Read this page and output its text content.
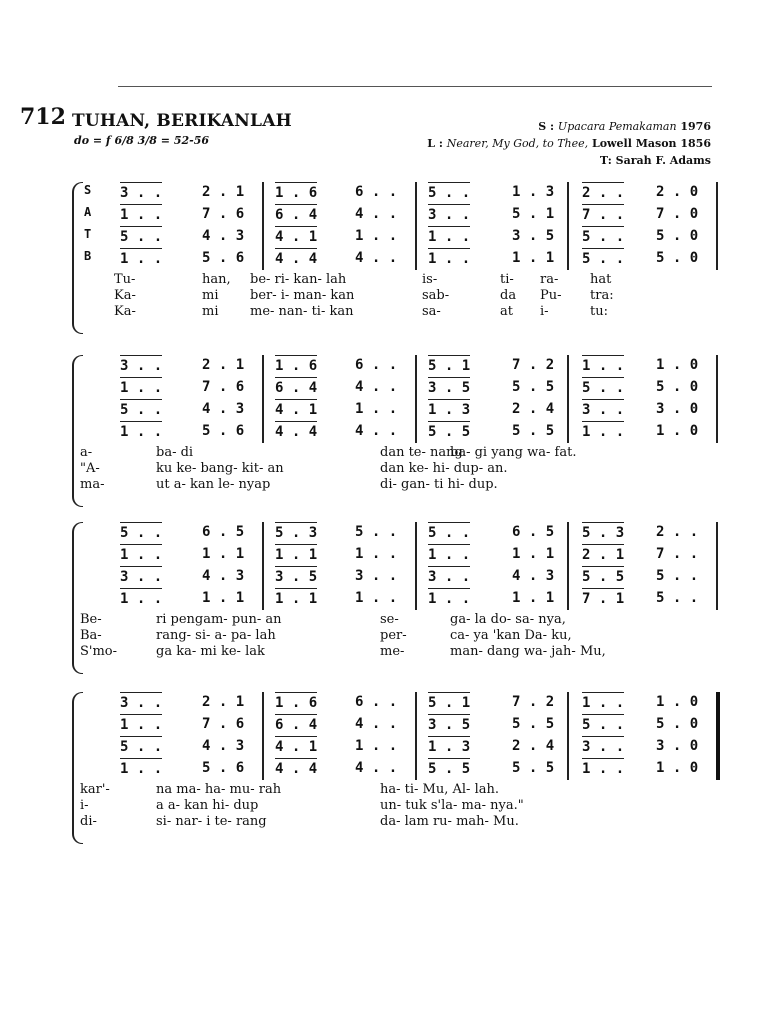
712 TUHAN, BERIKANLAH
do = f 6/8 3/8 = 52-56
S : Upacara Pemakaman 1976
L : Nearer, My God, to Thee, Lowell Mason 1856
T: Sarah F. Adams
S 3 . .	2 . 1 1 . 6	6 . . 5 . .	1 . 3 2 . . 2 . 0
A 1 . .	7 . 6 6 . 4	4 . . 3 . .	5 . 1 7 . . 7 . 0
T 5 . .	4 . 3 4 . 1	1 . . 1 . .	3 . 5 5 . . 5 . 0
B 1 . .	5 . 6 4 . 4	4 . . 1 . .	1 . 1 5 . . 5 . 0
Tu-	han, be- ri- kan- lah	is-	ti- ra- hat
Ka-	mi ber- i- man- kan	sab-	da Pu- tra:
Ka-	mi me- nan- ti- kan	sa-	at i-	tu:
3 . .	2 . 1 1 . 6	6 . . 5 . 1	7 . 2 1 . . 1 . 0
1 . .	7 . 6 6 . 4	4 . . 3 . 5	5 . 5 5 . . 5 . 0
5 . .	4 . 3 4 . 1	1 . . 1 . 3	2 . 4 3 . . 3 . 0
1 . .	5 . 6 4 . 4	4 . . 5 . 5	5 . 5 1 . . 1 . 0
a-	ba- di	dan te- nang
ba- gi yang wa- fat.
"A-	ku ke- bang- kit- an	dan ke- hi- dup- an.
ma-	ut a- kan le- nyap	di- gan- ti hi- dup.
5 . .	6 . 5 5 . 3	5 . . 5 . .	6 . 5 5 . 3 2 . .
1 . .	1 . 1 1 . 1	1 . . 1 . .	1 . 1 2 . 1 7 . .
3 . .	4 . 3 3 . 5	3 . . 3 . .	4 . 3 5 . 5 5 . .
1 . .	1 . 1 1 . 1	1 . . 1 . .	1 . 1 7 . 1 5 . .
Be-	ri pengam- pun- an	se-	ga- la do- sa- nya,
Ba-	rang- si- a- pa- lah	per-	ca- ya 'kan Da- ku,
S'mo-	ga ka- mi ke- lak	me-	man- dang wa- jah- Mu,
3 . .	2 . 1 1 . 6	6 . . 5 . 1	7 . 2 1 . . 1 . 0
1 . .	7 . 6 6 . 4	4 . . 3 . 5	5 . 5 5 . . 5 . 0
5 . .	4 . 3 4 . 1	1 . . 1 . 3	2 . 4 3 . . 3 . 0
1 . .	5 . 6 4 . 4	4 . . 5 . 5	5 . 5 1 . . 1 . 0
kar'-	na ma- ha- mu- rah	ha- ti- Mu, Al- lah.
i-	a a- kan hi- dup	un- tuk s'la- ma- nya."
di-	si- nar- i te- rang	da- lam ru- mah- Mu.
